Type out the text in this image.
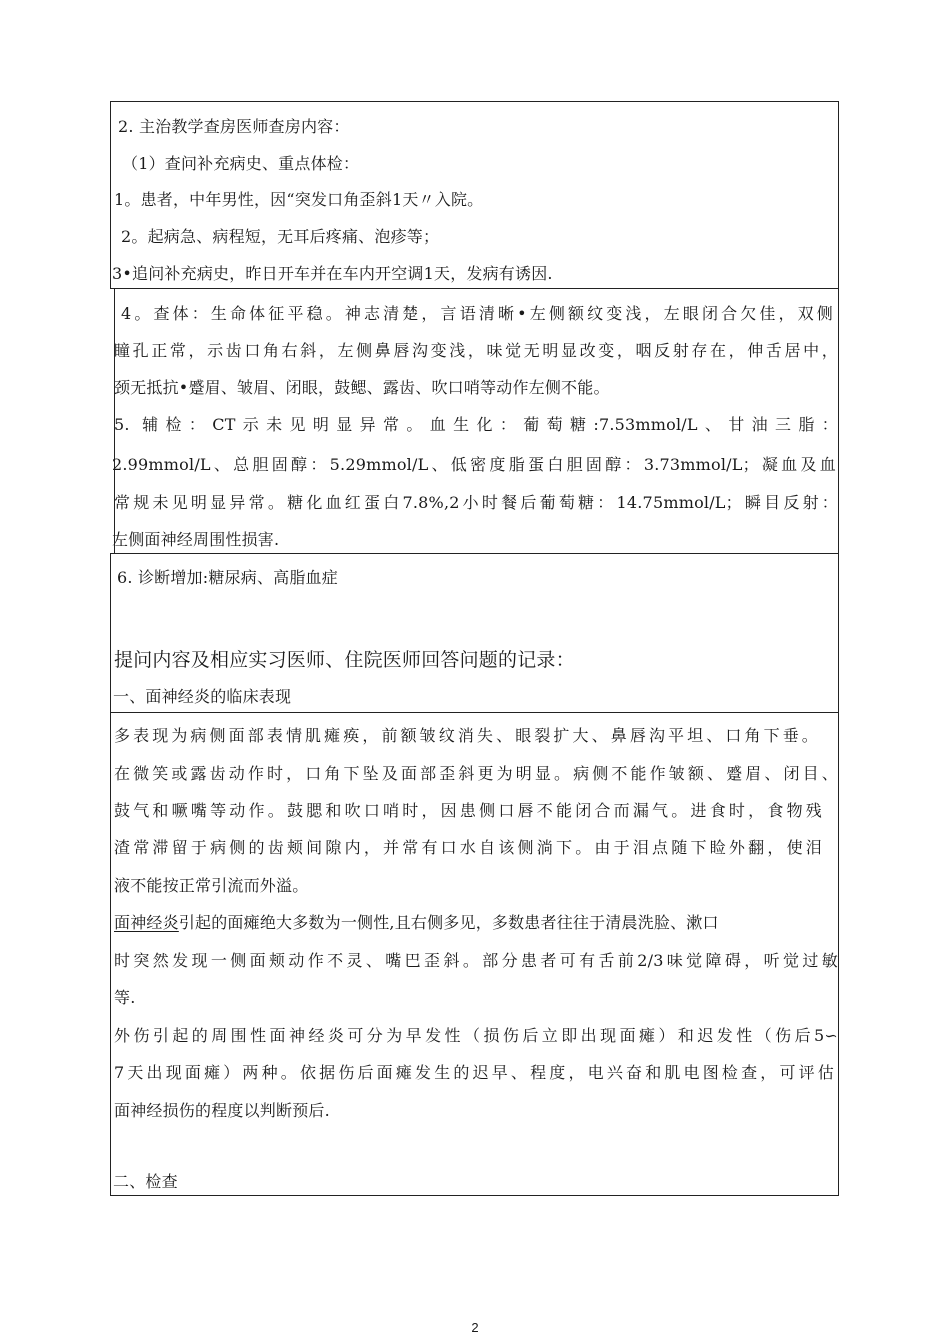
2. 主治教学查房医师查房内容：
（1）查问补充病史、重点体检：
1。患者，中年男性，因“突发口角歪斜1天〃入院。
2。起病急、病程短，无耳后疼痛、泡疹等；
3•追问补充病史，昨日开车并在车内开空调1天，发病有诱因.
4。查体：生命体征平稳。神志清楚，言语清晰•左侧额纹变浅，左眼闭合欠佳，双侧
瞳孔正常，示齿口角右斜，左侧鼻唇沟变浅，味觉无明显改变，咽反射存在，伸舌居中，
颈无抵抗•蹙眉、皱眉、闭眼，鼓鳃、露齿、吹口哨等动作左侧不能。
5. 辅检：CT示未见明显异常。血生化：葡萄糖:7.53mmol/L、甘油三脂：
2.99mmol/L、总胆固醇：5.29mmol/L、低密度脂蛋白胆固醇：3.73mmol/L；凝血及血
常规未见明显异常。糖化血红蛋白7.8%,2小时餐后葡萄糖：14.75mmol/L；瞬目反射：
左侧面神经周围性损害.
6. 诊断增加:糖尿病、高脂血症
提问内容及相应实习医师、住院医师回答问题的记录：
一、面神经炎的临床表现
多表现为病侧面部表情肌瘫痪，前额皱纹消失、眼裂扩大、鼻唇沟平坦、口角下垂。
在微笑或露齿动作时，口角下坠及面部歪斜更为明显。病侧不能作皱额、蹙眉、闭目、
鼓气和噘嘴等动作。鼓腮和吹口哨时，因患侧口唇不能闭合而漏气。进食时，食物残
渣常滞留于病侧的齿颊间隙内，并常有口水自该侧淌下。由于泪点随下睑外翻，使泪
液不能按正常引流而外溢。
面神经炎引起的面瘫绝大多数为一侧性,且右侧多见，多数患者往往于清晨洗脸、漱口
时突然发现一侧面颊动作不灵、嘴巴歪斜。部分患者可有舌前2/3味觉障碍，听觉过敏
等.
外伤引起的周围性面神经炎可分为早发性（损伤后立即出现面瘫）和迟发性（伤后5∽
7天出现面瘫）两种。依据伤后面瘫发生的迟早、程度，电兴奋和肌电图检查，可评估
面神经损伤的程度以判断预后.
二、检查
2
